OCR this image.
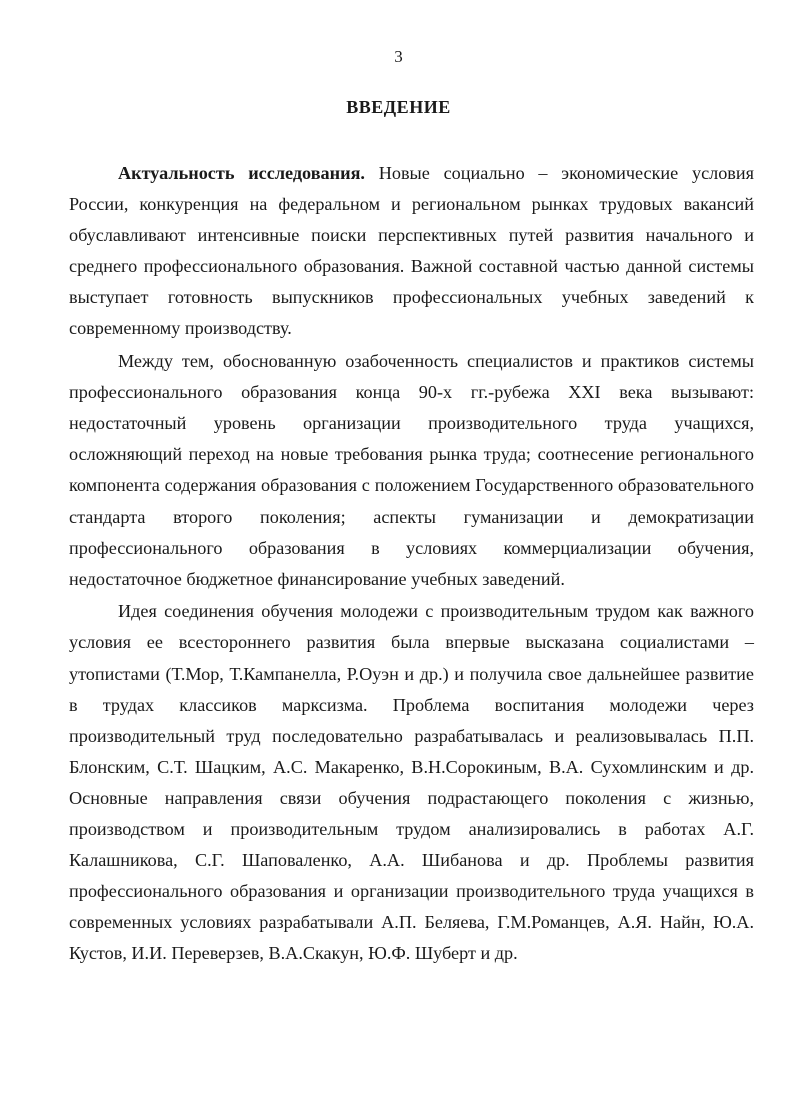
3
ВВЕДЕНИЕ

Актуальность исследования. Новые социально – экономические условия России, конкуренция на федеральном и региональном рынках трудовых вакансий обуславливают интенсивные поиски перспективных путей развития начального и среднего профессионального образования. Важной составной частью данной системы выступает готовность выпускников профессиональных учебных заведений к современному производству.

Между тем, обоснованную озабоченность специалистов и практиков системы профессионального образования конца 90-х гг.-рубежа XXI века вызывают: недостаточный уровень организации производительного труда учащихся, осложняющий переход на новые требования рынка труда; соотнесение регионального компонента содержания образования с положением Государственного образовательного стандарта второго поколения; аспекты гуманизации и демократизации профессионального образования в условиях коммерциализации обучения, недостаточное бюджетное финансирование учебных заведений.

Идея соединения обучения молодежи с производительным трудом как важного условия ее всестороннего развития была впервые высказана социалистами – утопистами (Т.Мор, Т.Кампанелла, Р.Оуэн и др.) и получила свое дальнейшее развитие в трудах классиков марксизма. Проблема воспитания молодежи через производительный труд последовательно разрабатывалась и реализовывалась П.П. Блонским, С.Т. Шацким, А.С. Макаренко, В.Н.Сорокиным, В.А. Сухомлинским и др. Основные направления связи обучения подрастающего поколения с жизнью, производством и производительным трудом анализировались в работах А.Г. Калашникова, С.Г. Шаповаленко, А.А. Шибанова и др. Проблемы развития профессионального образования и организации производительного труда учащихся в современных условиях разрабатывали А.П. Беляева, Г.М.Романцев, А.Я. Найн, Ю.А. Кустов, И.И. Переверзев, В.А.Скакун, Ю.Ф. Шуберт и др.
